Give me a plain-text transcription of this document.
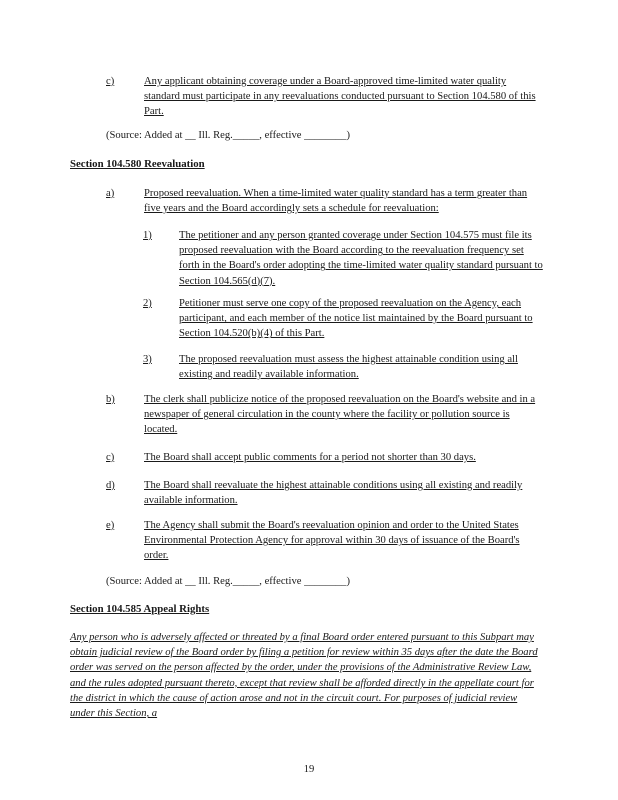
c)	Any applicant obtaining coverage under a Board-approved time-limited water quality standard must participate in any reevaluations conducted pursuant to Section 104.580 of this Part.
(Source: Added at __ Ill. Reg._____, effective ________)
Section 104.580 Reevaluation
a)	Proposed reevaluation. When a time-limited water quality standard has a term greater than five years and the Board accordingly sets a schedule for reevaluation:
1)	The petitioner and any person granted coverage under Section 104.575 must file its proposed reevaluation with the Board according to the reevaluation frequency set forth in the Board's order adopting the time-limited water quality standard pursuant to Section 104.565(d)(7).
2)	Petitioner must serve one copy of the proposed reevaluation on the Agency, each participant, and each member of the notice list maintained by the Board pursuant to Section 104.520(b)(4) of this Part.
3)	The proposed reevaluation must assess the highest attainable condition using all existing and readily available information.
b)	The clerk shall publicize notice of the proposed reevaluation on the Board's website and in a newspaper of general circulation in the county where the facility or pollution source is located.
c)	The Board shall accept public comments for a period not shorter than 30 days.
d)	The Board shall reevaluate the highest attainable conditions using all existing and readily available information.
e)	The Agency shall submit the Board's reevaluation opinion and order to the United States Environmental Protection Agency for approval within 30 days of issuance of the Board's order.
(Source: Added at __ Ill. Reg._____, effective ________)
Section 104.585 Appeal Rights
Any person who is adversely affected or threated by a final Board order entered pursuant to this Subpart may obtain judicial review of the Board order by filing a petition for review within 35 days after the date the Board order was served on the person affected by the order, under the provisions of the Administrative Review Law, and the rules adopted pursuant thereto, except that review shall be afforded directly in the appellate court for the district in which the cause of action arose and not in the circuit court. For purposes of judicial review under this Section, a
19
